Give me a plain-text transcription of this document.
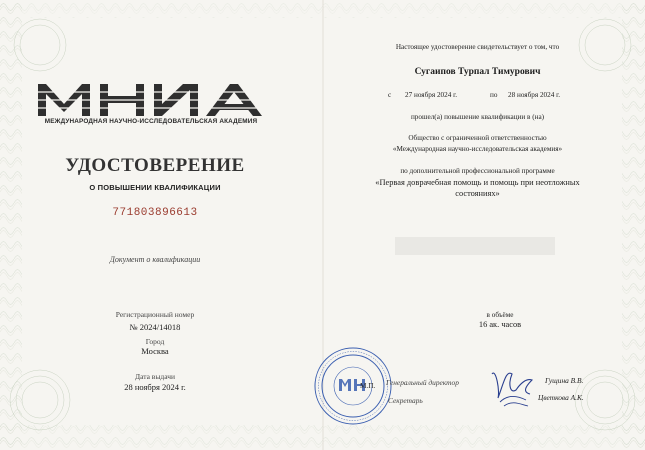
МЕЖДУНАРОДНАЯ НАУЧНО-ИССЛЕДОВАТЕЛЬСКАЯ АКАДЕМИЯ
УДОСТОВЕРЕНИЕ
О ПОВЫШЕНИИ КВАЛИФИКАЦИИ
771803896613
Документ о квалификации
Регистрационный номер
№ 2024/14018
Город
Москва
Дата выдачи
28 ноября 2024 г.
Настоящее удостоверение свидетельствует о том, что
Сугаипов Турпал Тимурович
с 27 ноября 2024 г.	по 28 ноября 2024 г.
прошел(а) повышение квалификации в (на)
Общество с ограниченной ответственностью
«Международная научно-исследовательская академия»
по дополнительной профессиональной программе
«Первая доврачебная помощь и помощь при неотложных
состояниях»
в объёме
16 ак. часов
М.П. Генеральный директор
Секретарь
Гущина В.В.
Цветкова А.К.
